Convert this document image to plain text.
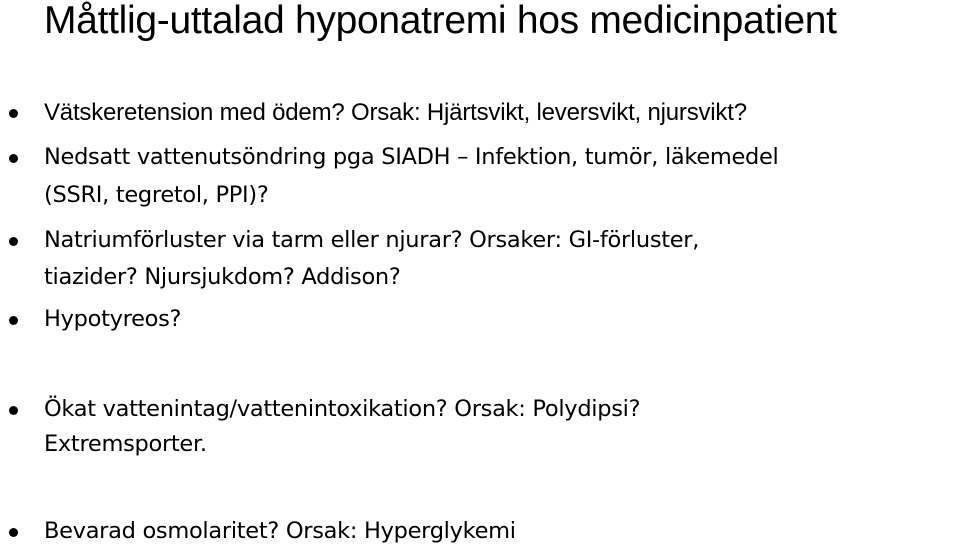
Måttlig-uttalad hyponatremi hos medicinpatient
Vätskeretension med ödem? Orsak: Hjärtsvikt, leversvikt, njursvikt?
Nedsatt vattenutsöndring pga SIADH – Infektion, tumör, läkemedel
(SSRI, tegretol, PPI)?
Natriumförluster via tarm eller njurar? Orsaker: GI-förluster,
tiazider? Njursjukdom? Addison?
Hypotyreos?
Ökat vattenintag/vattenintoxikation? Orsak: Polydipsi?
Extremsporter.
Bevarad osmolaritet? Orsak: Hyperglykemi
